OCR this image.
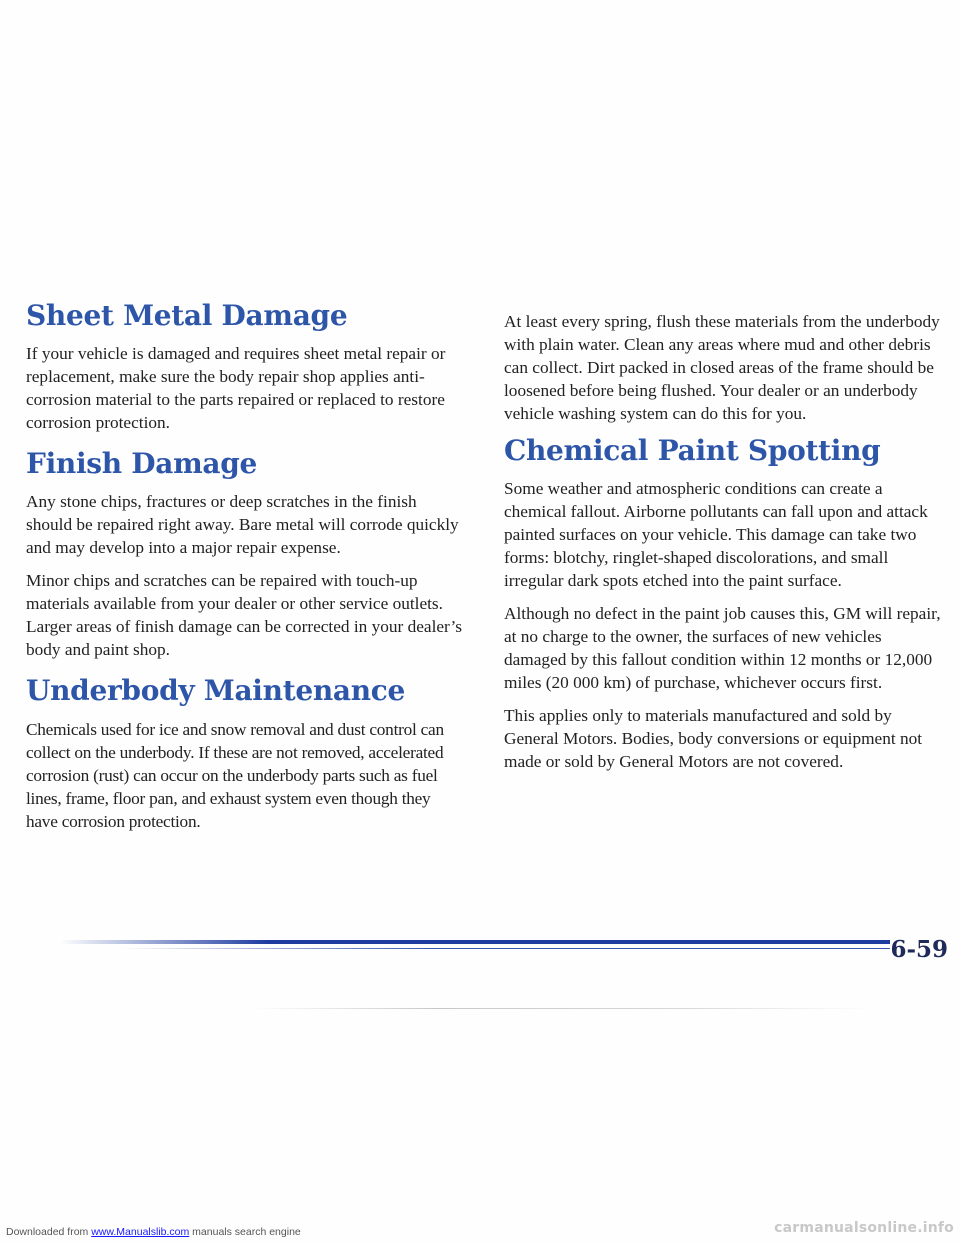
Sheet Metal Damage

If your vehicle is damaged and requires sheet metal repair or replacement, make sure the body repair shop applies anti-corrosion material to the parts repaired or replaced to restore corrosion protection.

Finish Damage

Any stone chips, fractures or deep scratches in the finish should be repaired right away. Bare metal will corrode quickly and may develop into a major repair expense.

Minor chips and scratches can be repaired with touch-up materials available from your dealer or other service outlets. Larger areas of finish damage can be corrected in your dealer’s body and paint shop.

Underbody Maintenance

Chemicals used for ice and snow removal and dust control can collect on the underbody. If these are not removed, accelerated corrosion (rust) can occur on the underbody parts such as fuel lines, frame, floor pan, and exhaust system even though they have corrosion protection.

At least every spring, flush these materials from the underbody with plain water. Clean any areas where mud and other debris can collect. Dirt packed in closed areas of the frame should be loosened before being flushed. Your dealer or an underbody vehicle washing system can do this for you.

Chemical Paint Spotting

Some weather and atmospheric conditions can create a chemical fallout. Airborne pollutants can fall upon and attack painted surfaces on your vehicle. This damage can take two forms: blotchy, ringlet-shaped discolorations, and small irregular dark spots etched into the paint surface.

Although no defect in the paint job causes this, GM will repair, at no charge to the owner, the surfaces of new vehicles damaged by this fallout condition within 12 months or 12,000 miles (20 000 km) of purchase, whichever occurs first.

This applies only to materials manufactured and sold by General Motors. Bodies, body conversions or equipment not made or sold by General Motors are not covered.

6-59
Downloaded from www.Manualslib.com manuals search engine	carmanualsonline.info
